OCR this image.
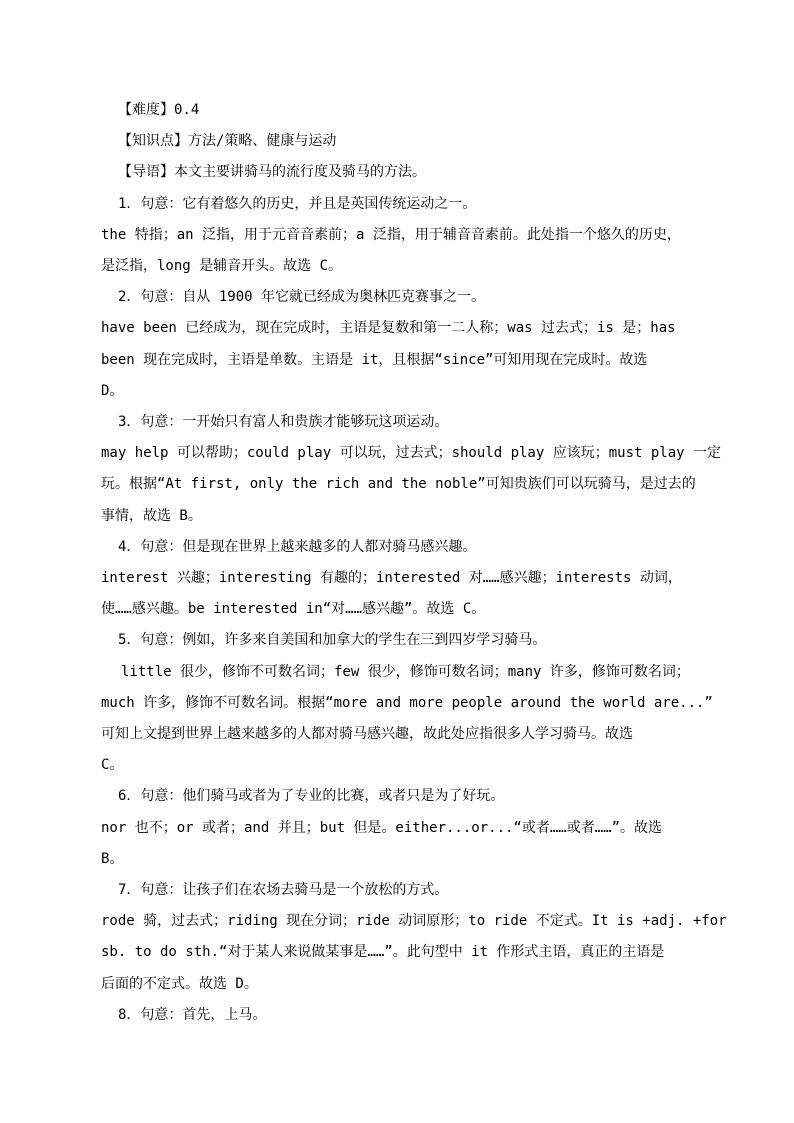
【难度】0.4
【知识点】方法/策略、健康与运动
【导语】本文主要讲骑马的流行度及骑马的方法。
1．句意：它有着悠久的历史，并且是英国传统运动之一。
the 特指；an 泛指，用于元音音素前；a 泛指，用于辅音音素前。此处指一个悠久的历史，
是泛指，long 是辅音开头。故选 C。
2．句意：自从 1900 年它就已经成为奥林匹克赛事之一。
have been 已经成为，现在完成时，主语是复数和第一二人称；was 过去式；is 是；has
been 现在完成时，主语是单数。主语是 it，且根据“since”可知用现在完成时。故选
D。
3．句意：一开始只有富人和贵族才能够玩这项运动。
may help 可以帮助；could play 可以玩，过去式；should play 应该玩；must play 一定
玩。根据“At first, only the rich and the noble”可知贵族们可以玩骑马，是过去的
事情，故选 B。
4．句意：但是现在世界上越来越多的人都对骑马感兴趣。
interest 兴趣；interesting 有趣的；interested 对……感兴趣；interests 动词，
使……感兴趣。be interested in“对……感兴趣”。故选 C。
5．句意：例如，许多来自美国和加拿大的学生在三到四岁学习骑马。
little 很少，修饰不可数名词；few 很少，修饰可数名词；many 许多，修饰可数名词；
much 许多，修饰不可数名词。根据“more and more people around the world are...”
可知上文提到世界上越来越多的人都对骑马感兴趣，故此处应指很多人学习骑马。故选
C。
6．句意：他们骑马或者为了专业的比赛，或者只是为了好玩。
nor 也不；or 或者；and 并且；but 但是。either...or...“或者……或者……”。故选
B。
7．句意：让孩子们在农场去骑马是一个放松的方式。
rode 骑，过去式；riding 现在分词；ride 动词原形；to ride 不定式。It is +adj. +for
sb. to do sth.“对于某人来说做某事是……”。此句型中 it 作形式主语，真正的主语是
后面的不定式。故选 D。
8．句意：首先，上马。
